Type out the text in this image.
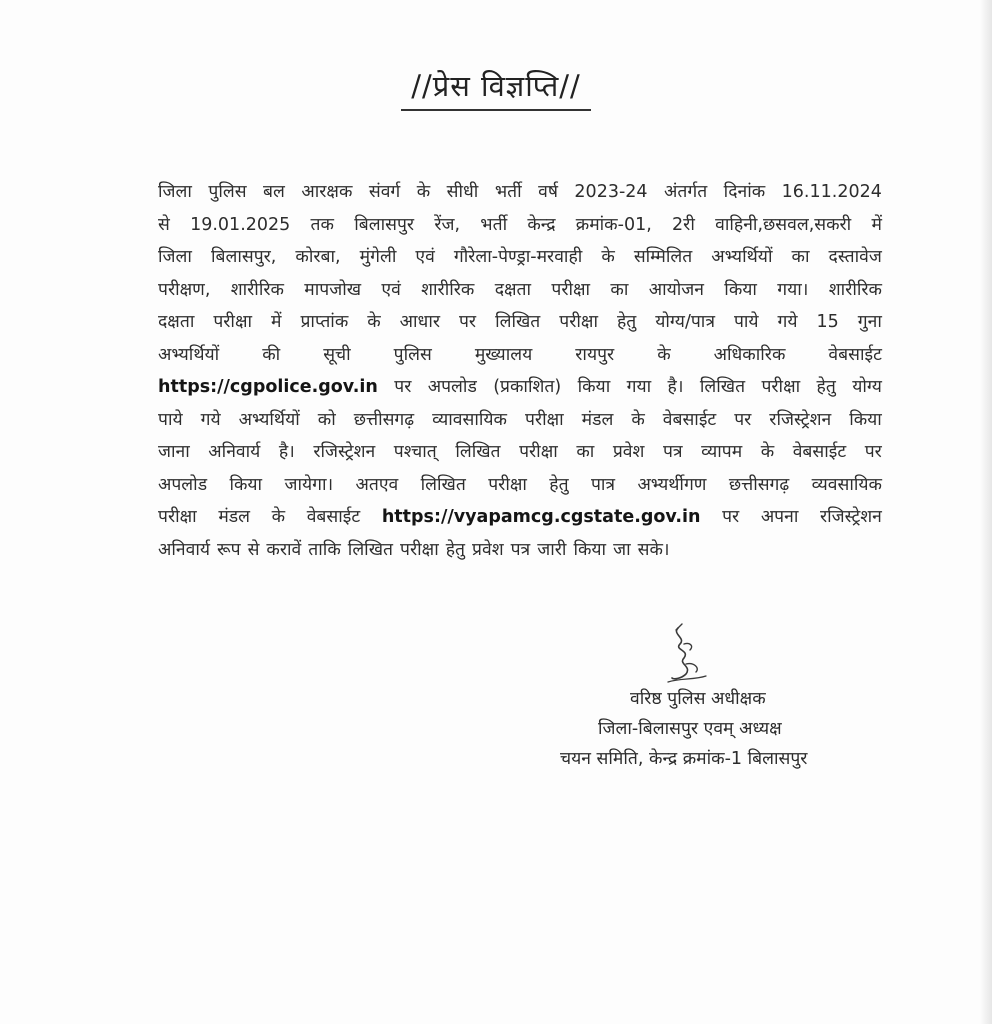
//प्रेस विज्ञप्ति//
जिला पुलिस बल आरक्षक संवर्ग के सीधी भर्ती वर्ष 2023-24 अंतर्गत दिनांक 16.11.2024
से 19.01.2025 तक बिलासपुर रेंज, भर्ती केन्द्र क्रमांक-01, 2री वाहिनी,छसवल,सकरी में
जिला बिलासपुर, कोरबा, मुंगेली एवं गौरेला-पेण्ड्रा-मरवाही के सम्मिलित अभ्यर्थियों का दस्तावेज
परीक्षण, शारीरिक मापजोख एवं शारीरिक दक्षता परीक्षा का आयोजन किया गया। शारीरिक
दक्षता परीक्षा में प्राप्तांक के आधार पर लिखित परीक्षा हेतु योग्य/पात्र पाये गये 15 गुना
अभ्यर्थियों की सूची पुलिस मुख्यालय रायपुर के अधिकारिक वेबसाईट
https://cgpolice.gov.in पर अपलोड (प्रकाशित) किया गया है। लिखित परीक्षा हेतु योग्य
पाये गये अभ्यर्थियों को छत्तीसगढ़ व्यावसायिक परीक्षा मंडल के वेबसाईट पर रजिस्ट्रेशन किया
जाना अनिवार्य है। रजिस्ट्रेशन पश्चात् लिखित परीक्षा का प्रवेश पत्र व्यापम के वेबसाईट पर
अपलोड किया जायेगा। अतएव लिखित परीक्षा हेतु पात्र अभ्यर्थीगण छत्तीसगढ़ व्यवसायिक
परीक्षा मंडल के वेबसाईट https://vyapamcg.cgstate.gov.in पर अपना रजिस्ट्रेशन
अनिवार्य रूप से करावें ताकि लिखित परीक्षा हेतु प्रवेश पत्र जारी किया जा सके।
वरिष्ठ पुलिस अधीक्षक
जिला-बिलासपुर एवम् अध्यक्ष
चयन समिति, केन्द्र क्रमांक-1 बिलासपुर
